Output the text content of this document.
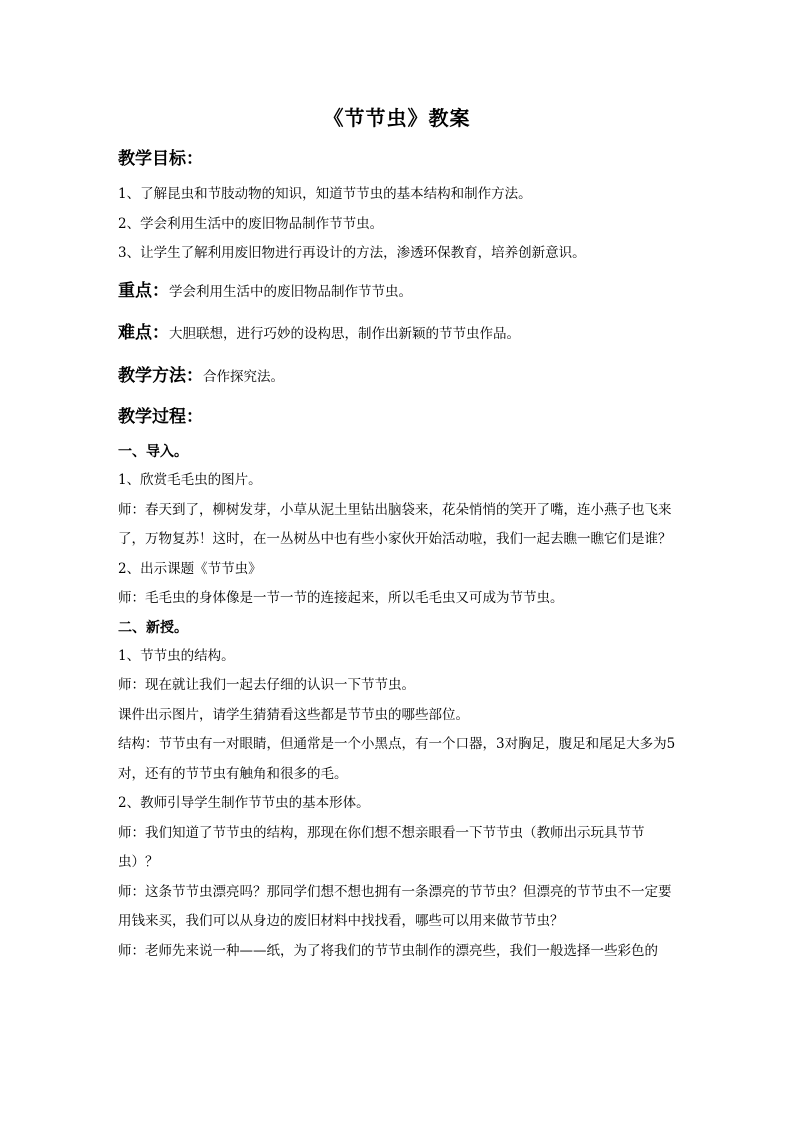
《节节虫》教案
教学目标：
1、了解昆虫和节肢动物的知识，知道节节虫的基本结构和制作方法。
2、学会利用生活中的废旧物品制作节节虫。
3、让学生了解利用废旧物进行再设计的方法，渗透环保教育，培养创新意识。
重点：学会利用生活中的废旧物品制作节节虫。
难点：大胆联想，进行巧妙的设构思，制作出新颖的节节虫作品。
教学方法：合作探究法。
教学过程：
一、导入。
1、欣赏毛毛虫的图片。
师：春天到了，柳树发芽，小草从泥土里钻出脑袋来，花朵悄悄的笑开了嘴，连小燕子也飞来了，万物复苏！这时，在一丛树丛中也有些小家伙开始活动啦，我们一起去瞧一瞧它们是谁？
2、出示课题《节节虫》
师：毛毛虫的身体像是一节一节的连接起来，所以毛毛虫又可成为节节虫。
二、新授。
1、节节虫的结构。
师：现在就让我们一起去仔细的认识一下节节虫。
课件出示图片，请学生猜猜看这些都是节节虫的哪些部位。
结构：节节虫有一对眼睛，但通常是一个小黑点，有一个口器，3对胸足，腹足和尾足大多为5对，还有的节节虫有触角和很多的毛。
2、教师引导学生制作节节虫的基本形体。
师：我们知道了节节虫的结构，那现在你们想不想亲眼看一下节节虫（教师出示玩具节节虫）？
师：这条节节虫漂亮吗？那同学们想不想也拥有一条漂亮的节节虫？但漂亮的节节虫不一定要用钱来买，我们可以从身边的废旧材料中找找看，哪些可以用来做节节虫？
师：老师先来说一种——纸，为了将我们的节节虫制作的漂亮些，我们一般选择一些彩色的
